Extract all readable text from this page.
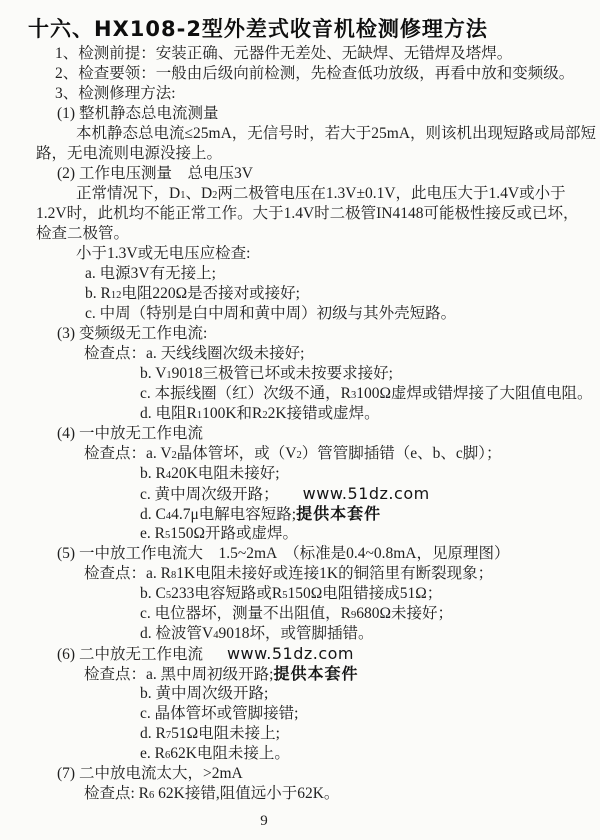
十六、HX108-2型外差式收音机检测修理方法
1、检测前提：安装正确、元器件无差处、无缺焊、无错焊及塔焊。
2、检查要领：一般由后级向前检测，先检查低功放级，再看中放和变频级。
3、检测修理方法:
(1) 整机静态总电流测量
本机静态总电流≤25mA，无信号时，若大于25mA，则该机出现短路或局部短
路，无电流则电源没接上。
(2) 工作电压测量　总电压3V
正常情况下，D1、D2两二极管电压在1.3V±0.1V，此电压大于1.4V或小于
1.2V时，此机均不能正常工作。大于1.4V时二极管IN4148可能极性接反或已坏，
检查二极管。
小于1.3V或无电压应检查:
a. 电源3V有无接上;
b. R12电阻220Ω是否接对或接好;
c. 中周（特别是白中周和黄中周）初级与其外壳短路。
(3) 变频级无工作电流:
检查点：a. 天线线圈次级未接好;
b. V19018三极管已坏或未按要求接好;
c. 本振线圈（红）次级不通，R3100Ω虚焊或错焊接了大阻值电阻。
d. 电阻R1100K和R22K接错或虚焊。
(4) 一中放无工作电流
检查点：a. V2晶体管坏，或（V2）管管脚插错（e、b、c脚）；
b. R420K电阻未接好;
c. 黄中周次级开路； www.51dz.com
d. C44.7μ电解电容短路;提供本套件
e. R5150Ω开路或虚焊。
(5) 一中放工作电流大　1.5~2mA　（标准是0.4~0.8mA，见原理图）
检查点：a. R81K电阻未接好或连接1K的铜箔里有断裂现象；
b. C5233电容短路或R5150Ω电阻错接成51Ω；
c. 电位器坏，测量不出阻值，R9680Ω未接好；
d. 检波管V49018坏，或管脚插错。
(6) 二中放无工作电流 www.51dz.com
检查点：a. 黑中周初级开路;提供本套件
b. 黄中周次级开路;
c. 晶体管坏或管脚接错;
d. R751Ω电阻未接上;
e. R662K电阻未接上。
(7) 二中放电流太大，>2mA
检查点: R6 62K接错,阻值远小于62K。
9
